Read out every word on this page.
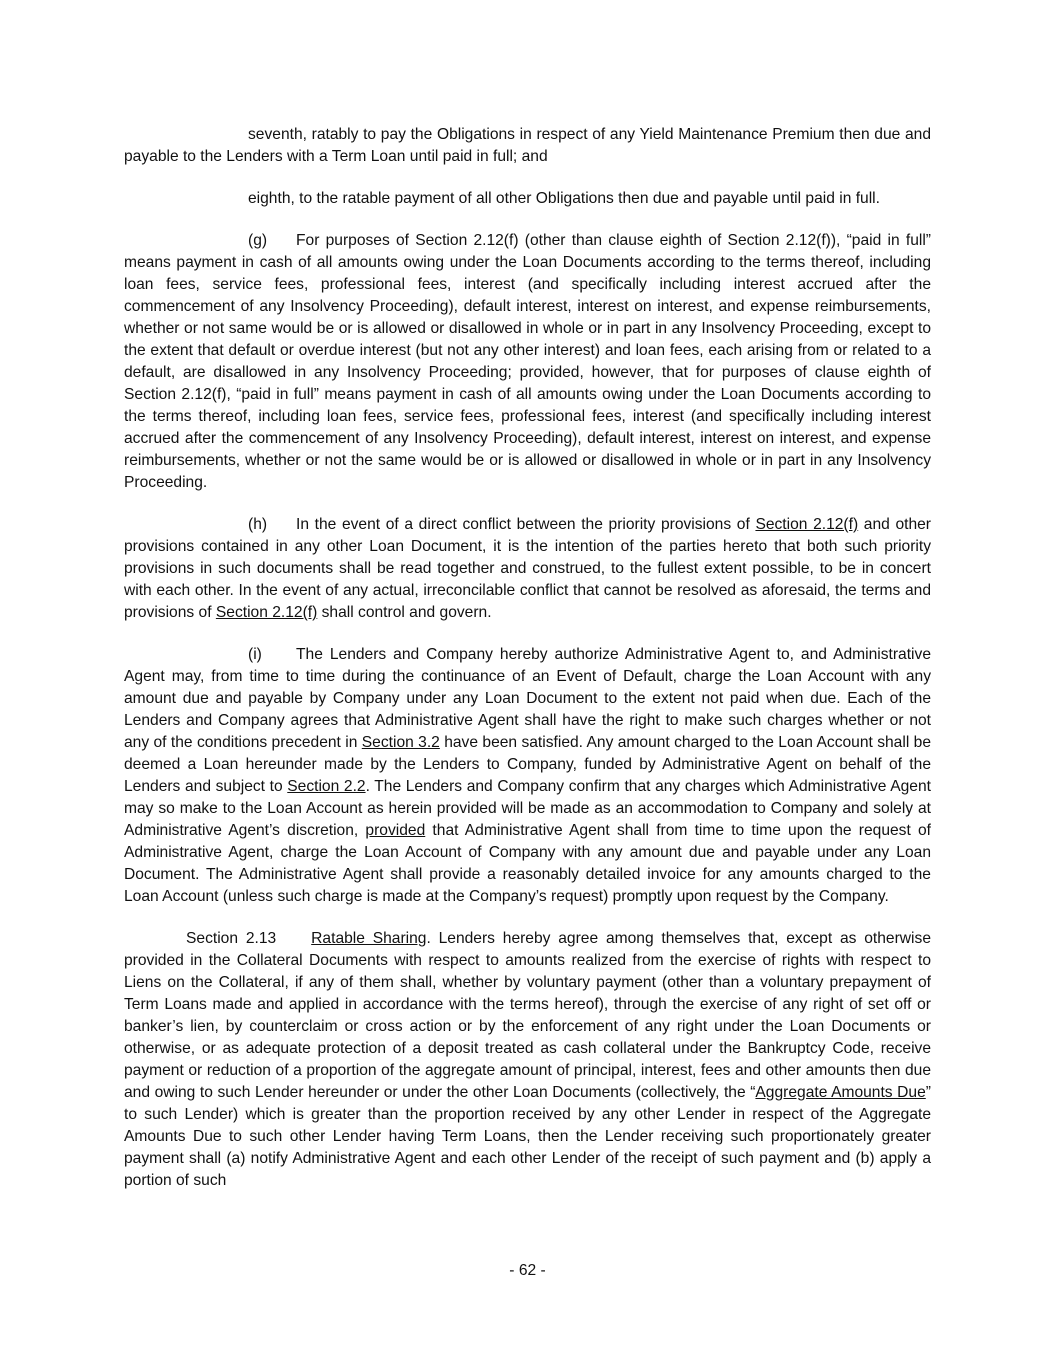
seventh, ratably to pay the Obligations in respect of any Yield Maintenance Premium then due and payable to the Lenders with a Term Loan until paid in full; and

eighth, to the ratable payment of all other Obligations then due and payable until paid in full.

(g) For purposes of Section 2.12(f) (other than clause eighth of Section 2.12(f)), “paid in full” means payment in cash of all amounts owing under the Loan Documents according to the terms thereof, including loan fees, service fees, professional fees, interest (and specifically including interest accrued after the commencement of any Insolvency Proceeding), default interest, interest on interest, and expense reimbursements, whether or not same would be or is allowed or disallowed in whole or in part in any Insolvency Proceeding, except to the extent that default or overdue interest (but not any other interest) and loan fees, each arising from or related to a default, are disallowed in any Insolvency Proceeding; provided, however, that for purposes of clause eighth of Section 2.12(f), “paid in full” means payment in cash of all amounts owing under the Loan Documents according to the terms thereof, including loan fees, service fees, professional fees, interest (and specifically including interest accrued after the commencement of any Insolvency Proceeding), default interest, interest on interest, and expense reimbursements, whether or not the same would be or is allowed or disallowed in whole or in part in any Insolvency Proceeding.

(h) In the event of a direct conflict between the priority provisions of Section 2.12(f) and other provisions contained in any other Loan Document, it is the intention of the parties hereto that both such priority provisions in such documents shall be read together and construed, to the fullest extent possible, to be in concert with each other. In the event of any actual, irreconcilable conflict that cannot be resolved as aforesaid, the terms and provisions of Section 2.12(f) shall control and govern.

(i) The Lenders and Company hereby authorize Administrative Agent to, and Administrative Agent may, from time to time during the continuance of an Event of Default, charge the Loan Account with any amount due and payable by Company under any Loan Document to the extent not paid when due. Each of the Lenders and Company agrees that Administrative Agent shall have the right to make such charges whether or not any of the conditions precedent in Section 3.2 have been satisfied. Any amount charged to the Loan Account shall be deemed a Loan hereunder made by the Lenders to Company, funded by Administrative Agent on behalf of the Lenders and subject to Section 2.2. The Lenders and Company confirm that any charges which Administrative Agent may so make to the Loan Account as herein provided will be made as an accommodation to Company and solely at Administrative Agent’s discretion, provided that Administrative Agent shall from time to time upon the request of Administrative Agent, charge the Loan Account of Company with any amount due and payable under any Loan Document. The Administrative Agent shall provide a reasonably detailed invoice for any amounts charged to the Loan Account (unless such charge is made at the Company’s request) promptly upon request by the Company.

Section 2.13 Ratable Sharing. Lenders hereby agree among themselves that, except as otherwise provided in the Collateral Documents with respect to amounts realized from the exercise of rights with respect to Liens on the Collateral, if any of them shall, whether by voluntary payment (other than a voluntary prepayment of Term Loans made and applied in accordance with the terms hereof), through the exercise of any right of set off or banker’s lien, by counterclaim or cross action or by the enforcement of any right under the Loan Documents or otherwise, or as adequate protection of a deposit treated as cash collateral under the Bankruptcy Code, receive payment or reduction of a proportion of the aggregate amount of principal, interest, fees and other amounts then due and owing to such Lender hereunder or under the other Loan Documents (collectively, the “Aggregate Amounts Due” to such Lender) which is greater than the proportion received by any other Lender in respect of the Aggregate Amounts Due to such other Lender having Term Loans, then the Lender receiving such proportionately greater payment shall (a) notify Administrative Agent and each other Lender of the receipt of such payment and (b) apply a portion of such

- 62 -
